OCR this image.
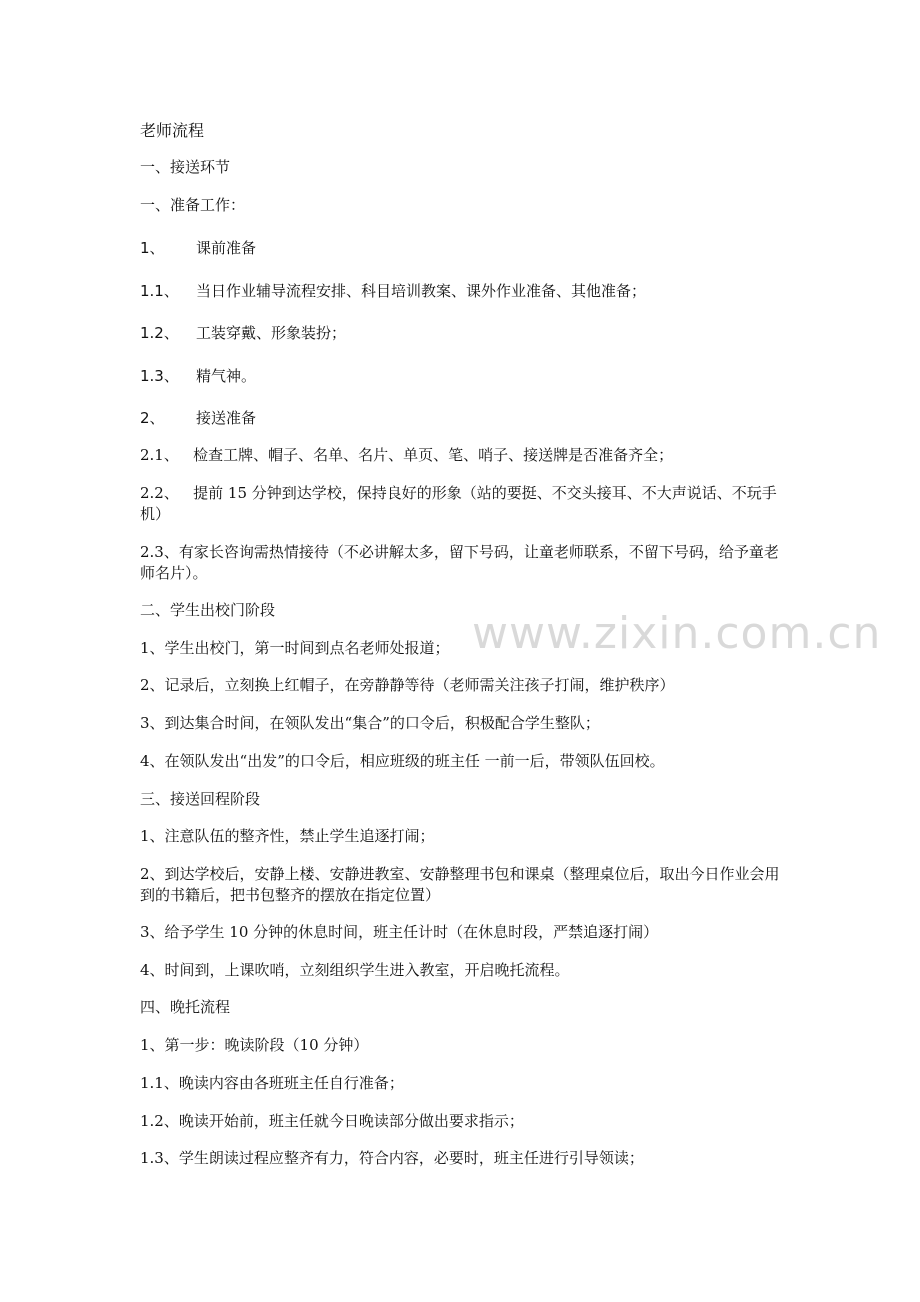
www.zixin.com.cn
老师流程
一、接送环节
一、准备工作：
1、 课前准备
1.1、 当日作业辅导流程安排、科目培训教案、课外作业准备、其他准备；
1.2、 工装穿戴、形象装扮；
1.3、 精气神。
2、 接送准备
2.1、   检查工牌、帽子、名单、名片、单页、笔、哨子、接送牌是否准备齐全；
2.2、   提前 15 分钟到达学校，保持良好的形象（站的要挺、不交头接耳、不大声说话、不玩手机）
2.3、有家长咨询需热情接待（不必讲解太多，留下号码，让童老师联系，不留下号码，给予童老师名片）。
二、学生出校门阶段
1、学生出校门，第一时间到点名老师处报道；
2、记录后，立刻换上红帽子，在旁静静等待（老师需关注孩子打闹，维护秩序）
3、到达集合时间，在领队发出“集合”的口令后，积极配合学生整队；
4、在领队发出“出发”的口令后，相应班级的班主任 一前一后，带领队伍回校。
三、接送回程阶段
1、注意队伍的整齐性，禁止学生追逐打闹；
2、到达学校后，安静上楼、安静进教室、安静整理书包和课桌（整理桌位后，取出今日作业会用到的书籍后，把书包整齐的摆放在指定位置）
3、给予学生 10 分钟的休息时间，班主任计时（在休息时段，严禁追逐打闹）
4、时间到，上课吹哨，立刻组织学生进入教室，开启晚托流程。
四、晚托流程
1、第一步：晚读阶段（10 分钟）
1.1、晚读内容由各班班主任自行准备；
1.2、晚读开始前，班主任就今日晚读部分做出要求指示；
1.3、学生朗读过程应整齐有力，符合内容，必要时，班主任进行引导领读；
